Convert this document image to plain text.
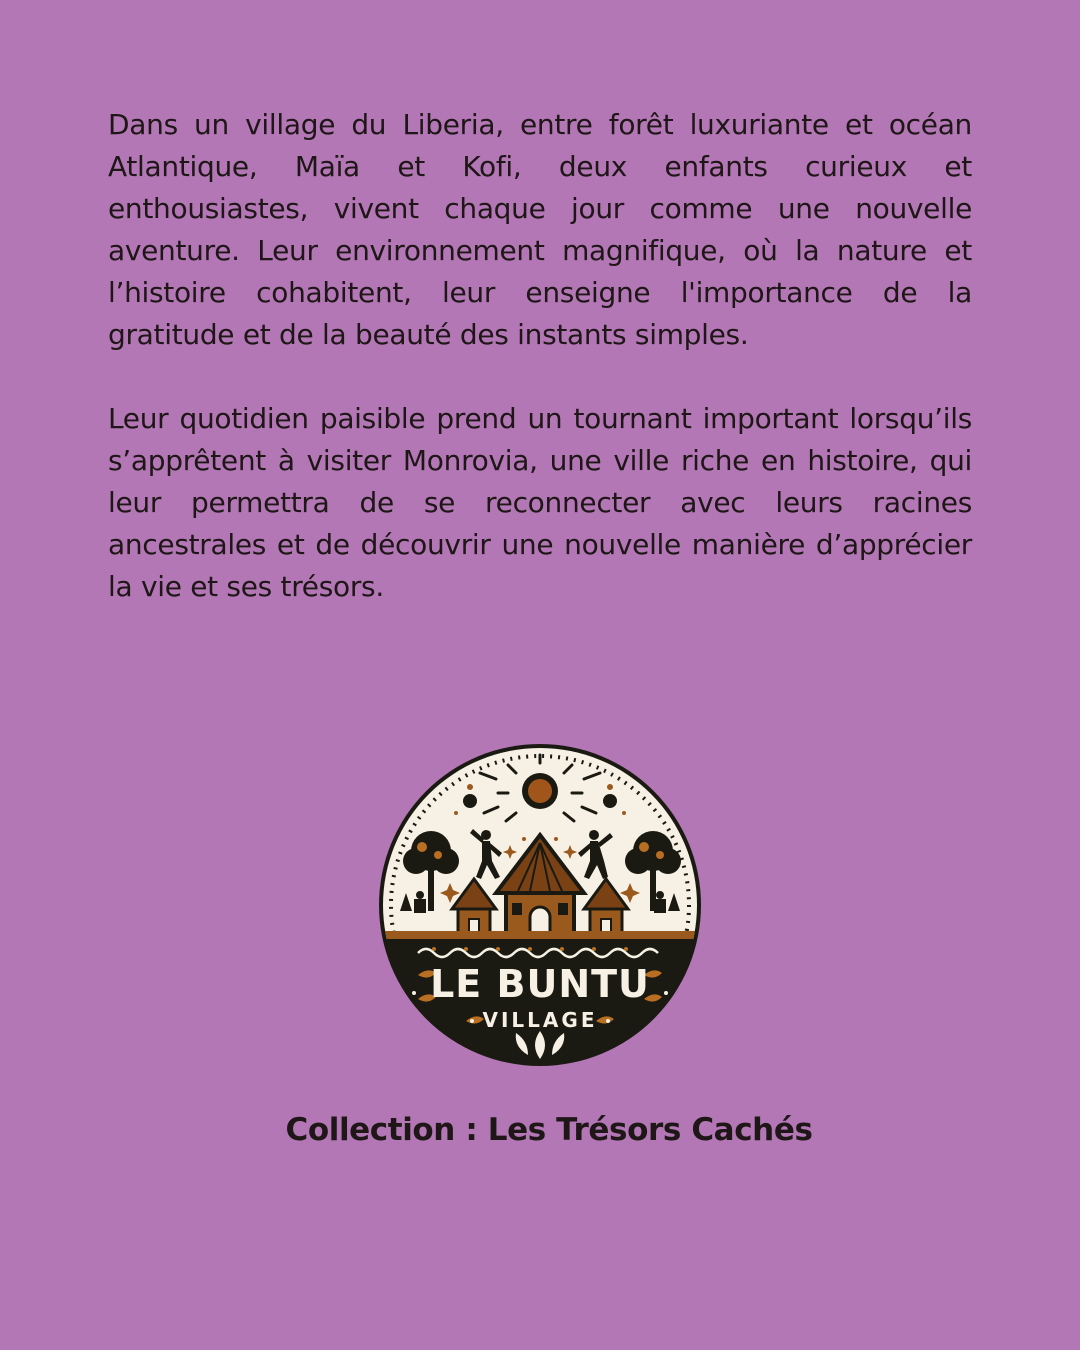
Dans un village du Liberia, entre forêt luxuriante et océan Atlantique, Maïa et Kofi, deux enfants curieux et enthousiastes, vivent chaque jour comme une nouvelle aventure. Leur environnement magnifique, où la nature et l’histoire cohabitent, leur enseigne l'importance de la gratitude et de la beauté des instants simples.

Leur quotidien paisible prend un tournant important lorsqu’ils s’apprêtent à visiter Monrovia, une ville riche en histoire, qui leur permettra de se reconnecter avec leurs racines ancestrales et de découvrir une nouvelle manière d’apprécier la vie et ses trésors.

LE BUNTU
VILLAGE
Collection : Les Trésors Cachés
